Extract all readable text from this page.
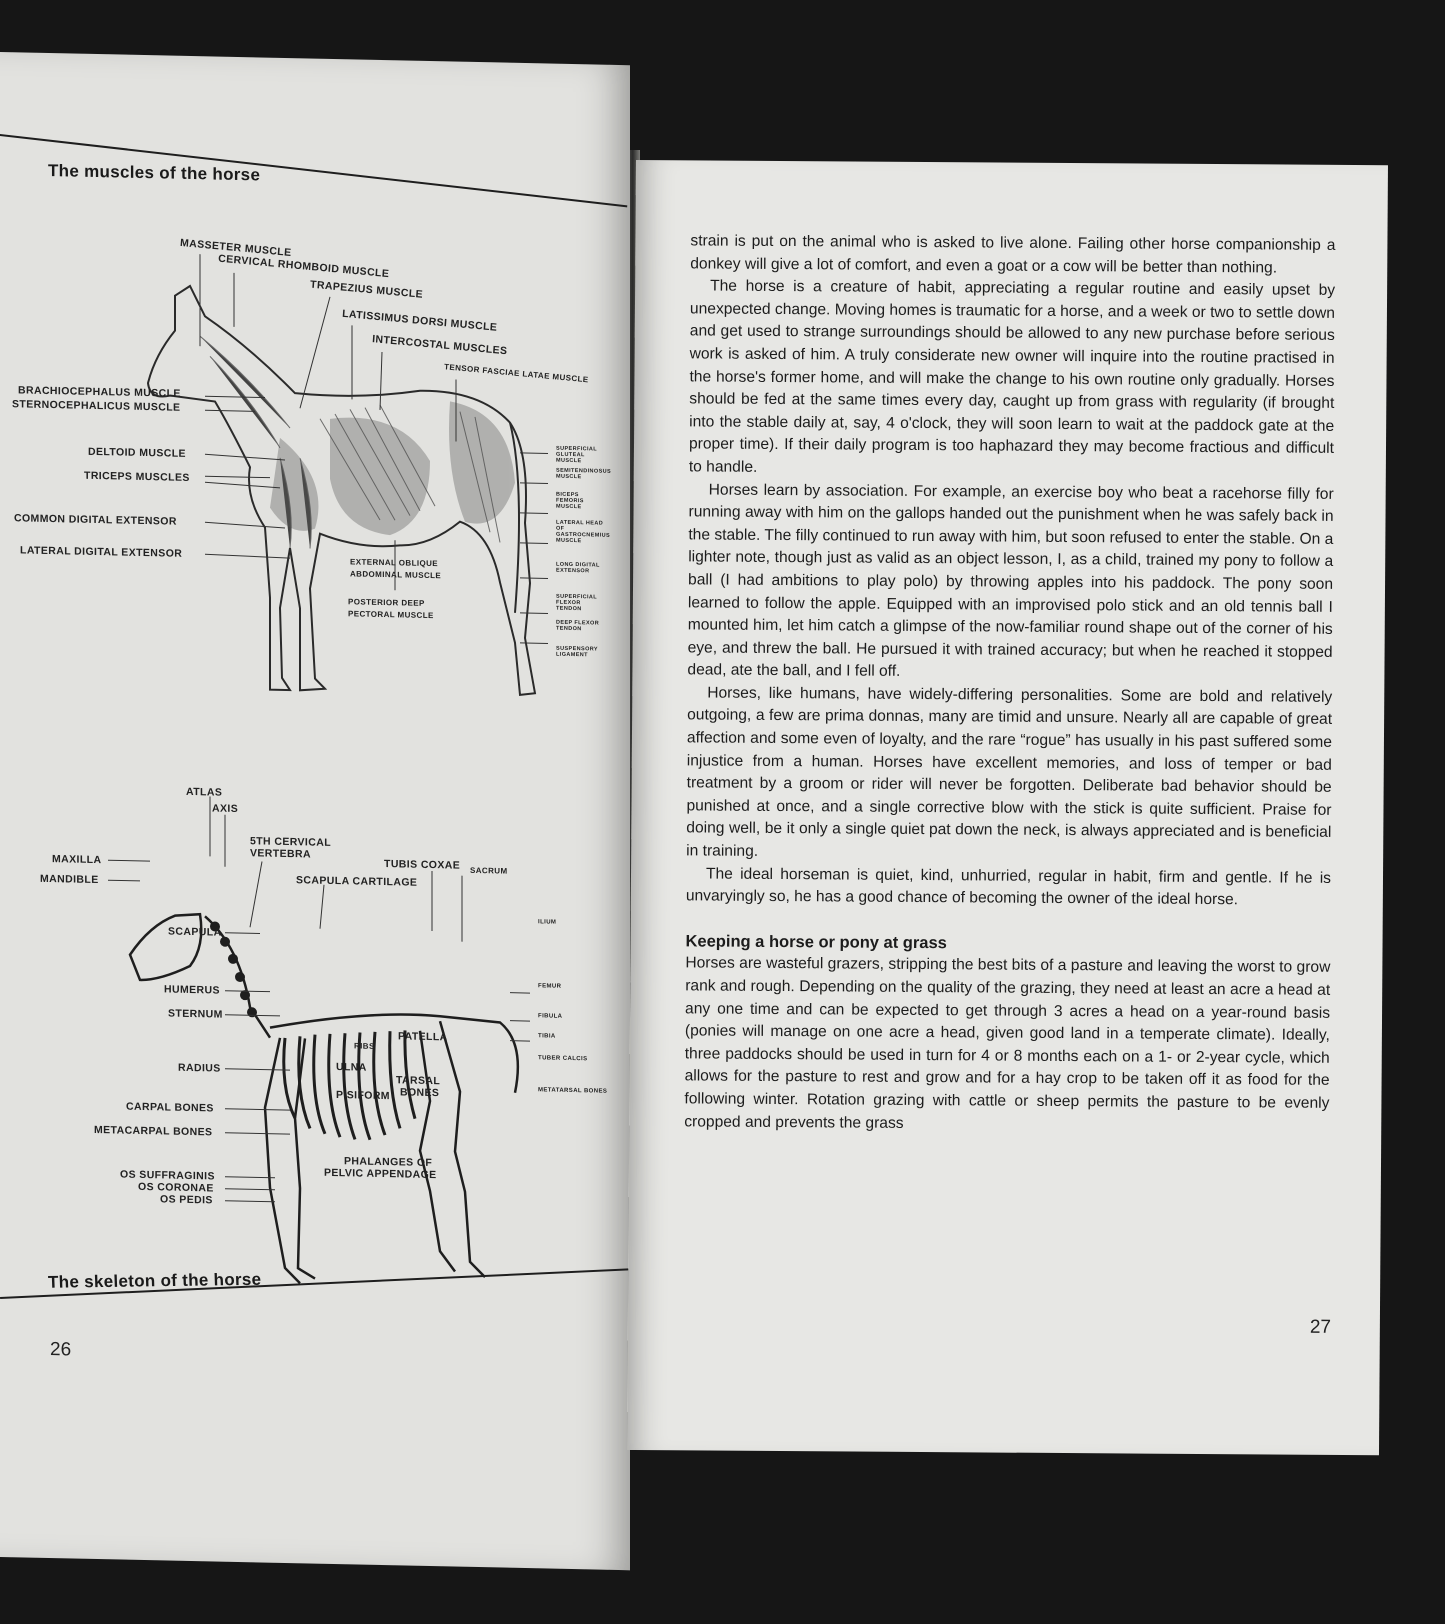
The muscles of the horse
MASSETER MUSCLE
CERVICAL RHOMBOID MUSCLE
TRAPEZIUS MUSCLE
LATISSIMUS DORSI MUSCLE
INTERCOSTAL MUSCLES
TENSOR FASCIAE LATAE MUSCLE
BRACHIOCEPHALUS MUSCLE
STERNOCEPHALICUS MUSCLE
DELTOID MUSCLE
TRICEPS MUSCLES
COMMON DIGITAL EXTENSOR
LATERAL DIGITAL EXTENSOR
EXTERNAL OBLIQUE
ABDOMINAL MUSCLE
POSTERIOR DEEP
PECTORAL MUSCLE
SUPERFICIAL GLUTEAL MUSCLE
SEMITENDINOSUS MUSCLE
BICEPS FEMORIS MUSCLE
LATERAL HEAD OF GASTROCNEMIUS MUSCLE
LONG DIGITAL EXTENSOR
SUPERFICIAL FLEXOR TENDON
DEEP FLEXOR TENDON
SUSPENSORY LIGAMENT
ATLAS
AXIS
MAXILLA
MANDIBLE
5TH CERVICAL
VERTEBRA
TUBIS COXAE SACRUM
SCAPULA CARTILAGE
ILIUM
SCAPULA
FEMUR
HUMERUS
STERNUM	FIBULA
TIBIA
PATELLA
RIBS
TUBER CALCIS
RADIUS	ULNA
TARSAL
BONES	METATARSAL BONES
PISIFORM
CARPAL BONES
METACARPAL BONES
PHALANGES OF
PELVIC APPENDAGE
OS SUFFRAGINIS
OS CORONAE
OS PEDIS
The skeleton of the horse
26

strain is put on the animal who is asked to live alone. Failing other horse companionship a donkey will give a lot of comfort, and even a goat or a cow will be better than nothing.

The horse is a creature of habit, appreciating a regular routine and easily upset by unexpected change. Moving homes is traumatic for a horse, and a week or two to settle down and get used to strange surroundings should be allowed to any new purchase before serious work is asked of him. A truly considerate new owner will inquire into the routine practised in the horse's former home, and will make the change to his own routine only gradually. Horses should be fed at the same times every day, caught up from grass with regularity (if brought into the stable daily at, say, 4 o'clock, they will soon learn to wait at the paddock gate at the proper time). If their daily program is too haphazard they may become fractious and difficult to handle.

Horses learn by association. For example, an exercise boy who beat a racehorse filly for running away with him on the gallops handed out the punishment when he was safely back in the stable. The filly continued to run away with him, but soon refused to enter the stable. On a lighter note, though just as valid as an object lesson, I, as a child, trained my pony to follow a ball (I had ambitions to play polo) by throwing apples into his paddock. The pony soon learned to follow the apple. Equipped with an improvised polo stick and an old tennis ball I mounted him, let him catch a glimpse of the now-familiar round shape out of the corner of his eye, and threw the ball. He pursued it with trained accuracy; but when he reached it stopped dead, ate the ball, and I fell off.

Horses, like humans, have widely-differing personalities. Some are bold and relatively outgoing, a few are prima donnas, many are timid and unsure. Nearly all are capable of great affection and some even of loyalty, and the rare “rogue” has usually in his past suffered some injustice from a human. Horses have excellent memories, and loss of temper or bad treatment by a groom or rider will never be forgotten. Deliberate bad behavior should be punished at once, and a single corrective blow with the stick is quite sufficient. Praise for doing well, be it only a single quiet pat down the neck, is always appreciated and is beneficial in training.

The ideal horseman is quiet, kind, unhurried, regular in habit, firm and gentle. If he is unvaryingly so, he has a good chance of becoming the owner of the ideal horse.

Keeping a horse or pony at grass

Horses are wasteful grazers, stripping the best bits of a pasture and leaving the worst to grow rank and rough. Depending on the quality of the grazing, they need at least an acre a head at any one time and can be expected to get through 3 acres a head on a year-round basis (ponies will manage on one acre a head, given good land in a temperate climate). Ideally, three paddocks should be used in turn for 4 or 8 months each on a 1- or 2-year cycle, which allows for the pasture to rest and grow and for a hay crop to be taken off it as food for the following winter. Rotation grazing with cattle or sheep permits the pasture to be evenly cropped and prevents the grass

27
